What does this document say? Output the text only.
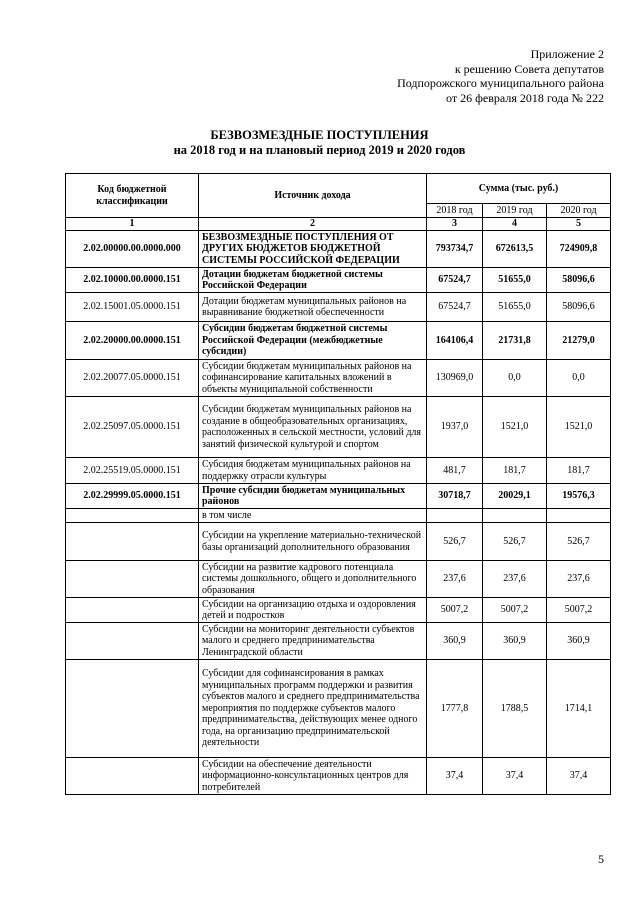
Приложение 2
к решению Совета депутатов
Подпорожского муниципального района
от 26 февраля 2018 года № 222
БЕЗВОЗМЕЗДНЫЕ ПОСТУПЛЕНИЯ
на 2018 год и на плановый период 2019 и 2020 годов
Код бюджетной классификации	Источник дохода	Сумма (тыс. руб.)		
		2018 год	2019 год	2020 год
1	2	3	4	5
2.02.00000.00.0000.000	БЕЗВОЗМЕЗДНЫЕ ПОСТУПЛЕНИЯ ОТ ДРУГИХ БЮДЖЕТОВ БЮДЖЕТНОЙ СИСТЕМЫ РОССИЙСКОЙ ФЕДЕРАЦИИ	793734,7	672613,5	724909,8
2.02.10000.00.0000.151	Дотации бюджетам бюджетной системы Российской Федерации	67524,7	51655,0	58096,6
2.02.15001.05.0000.151	Дотации бюджетам муниципальных районов на выравнивание бюджетной обеспеченности	67524,7	51655,0	58096,6
2.02.20000.00.0000.151	Субсидии бюджетам бюджетной системы Российской Федерации (межбюджетные субсидии)	164106,4	21731,8	21279,0
2.02.20077.05.0000.151	Субсидии бюджетам муниципальных районов на софинансирование капитальных вложений в объекты муниципальной собственности	130969,0	0,0	0,0
2.02.25097.05.0000.151	Субсидии бюджетам муниципальных районов на создание в общеобразовательных организациях, расположенных в сельской местности, условий для занятий физической культурой и спортом	1937,0	1521,0	1521,0
2.02.25519.05.0000.151	Субсидия бюджетам муниципальных районов на поддержку отрасли культуры	481,7	181,7	181,7
2.02.29999.05.0000.151	Прочие субсидии бюджетам муниципальных районов	30718,7	20029,1	19576,3
	в том числе			
	Субсидии на укрепление материально-технической базы организаций дополнительного образования	526,7	526,7	526,7
	Субсидии на развитие кадрового потенциала системы дошкольного, общего и дополнительного образования	237,6	237,6	237,6
	Субсидии на организацию отдыха и оздоровления детей и подростков	5007,2	5007,2	5007,2
	Субсидии на мониторинг деятельности субъектов малого и среднего предпринимательства Ленинградской области	360,9	360,9	360,9
	Субсидии для софинансирования в рамках муниципальных программ поддержки и развития субъектов малого и среднего предпринимательства мероприятия по поддержке субъектов малого предпринимательства, действующих менее одного года, на организацию предпринимательской деятельности	1777,8	1788,5	1714,1
	Субсидии на обеспечение деятельности информационно-консультационных центров для потребителей	37,4	37,4	37,4
5
